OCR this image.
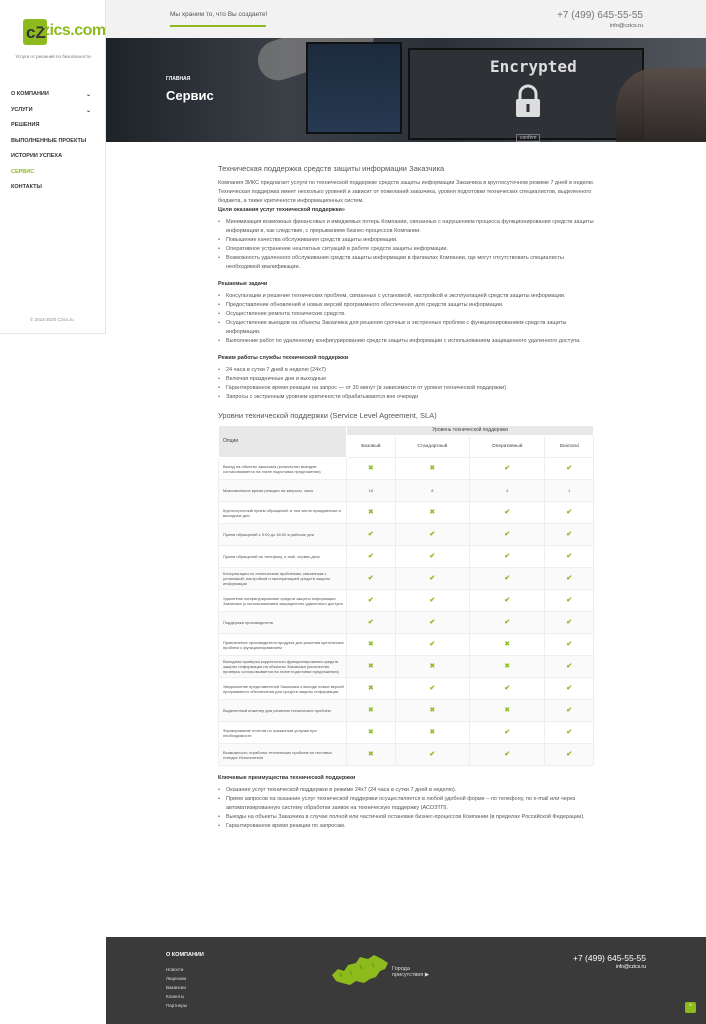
cZ
zics.com
Услуги от решений по безопасности
О КОМПАНИИ	⌄
УСЛУГИ	⌄
РЕШЕНИЯ
ВЫПОЛНЕННЫЕ ПРОЕКТЫ
ИСТОРИИ УСПЕХА
СЕРВИС
КОНТАКТЫ
© 2014-2020 Czics.ru
Мы храним то, что Вы создаете!	+7 (499) 645-55-55
info@czics.ru
Encrypted
confirm
ГЛАВНАЯ
Сервис
Техническая поддержка средств защиты информации Заказчика

Компания ЗИКС предлагает услуги по технической поддержке средств защиты информации Заказчика в круглосуточном режиме 7 дней в неделю. Техническая поддержка имеет несколько уровней и зависит от пожеланий заказчика, уровня подготовки технических специалистов, выделенного бюджета, а также критичности информационных систем.

Цели оказания услуг технической поддержки»

• Минимизация возможных финансовых и имиджевых потерь Компании, связанных с нарушением процесса функционирования средств защиты информации и, как следствие, с прерыванием бизнес-процессов Компании.
• Повышение качества обслуживания средств защиты информации.
• Оперативное устранение нештатных ситуаций в работе средств защиты информации.
• Возможность удаленного обслуживания средств защиты информации в филиалах Компании, где могут отсутствовать специалисты необходимой квалификации.

Решаемые задачи

• Консультации и решение технических проблем, связанных с установкой, настройкой и эксплуатацией средств защиты информации.
• Предоставление обновлений и новых версий программного обеспечения для средств защиты информации.
• Осуществление ремонта технических средств.
• Осуществление выездов на объекты Заказчика для решения срочных и экстренных проблем с функционированием средств защиты информации.
• Выполнение работ по удаленному конфигурированию средств защиты информации с использованием защищенного удаленного доступа.

Режим работы службы технической поддержки

• 24 часа в сутки 7 дней в неделю (24х7)
• Включая праздничные дни и выходные
• Гарантированное время реакции на запрос — от 30 минут (в зависимости от уровня технической поддержки)
• Запросы с экстренным уровнем критичности обрабатываются вне очереди
Уровни технической поддержки (Service Level Agreement, SLA)
Опции	Уровень технической поддержки			
	Базовый	Стандартный	Оперативный	Diamond
Выезд на объекты заказчика (количество выездов согласовывается на этапе подготовки предложения)	✖	✖	✔	✔
Максимальное время реакции на запросы, часы	16	8	4	1
Круглосуточный прием обращений, в том числе праздничные и выходные дни	✖	✖	✔	✔
Прием обращений с 9:00 до 18:00 в рабочие дни	✔	✔	✔	✔
Прием обращений по телефону, e-mail, сервис-деск	✔	✔	✔	✔
Консультации по техническим проблемам, связанным с установкой, настройкой и эксплуатацией средств защиты информации	✔	✔	✔	✔
Удаленное конфигурирование средств защиты информации Заказчика (с использованием защищенного удаленного доступа	✔	✔	✔	✔
Поддержка производителя	✔	✔	✔	✔
Привлечение производителя продукта для решения критических проблем с функционированием	✖	✔	✖	✔
Выездная проверка корректности функционирования средств защиты информации на объектах Заказчика (количество проверок согласовывается на этапе подготовки предложения)	✖	✖	✖	✔
Уведомление представителей Заказчика о выходе новых версий программного обеспечения для средств защиты информации	✖	✔	✔	✔
Выделенный инженер для решения технических проблем	✖	✖	✖	✔
Формирование отчетов по оказанным услугам при необходимости	✖	✖	✔	✔
Возможность отработки технических проблем на тестовых стендах Исполнителя	✖	✔	✔	✔

Ключевые преимущества технической поддержки

• Оказание услуг технической поддержки в режиме 24х7 (24 часа в сутки 7 дней в неделю).
• Прием запросов на оказание услуг технической поддержки осуществляется в любой удобной форме – по телефону, по e-mail или через автоматизированную систему обработки заявок на техническую поддержку (АСОЗТП).
• Выезды на объекты Заказчика в случае полной или частичной остановки бизнес-процессов Компании (в пределах Российской Федерации).
• Гарантированное время реакции по запросам.
О КОМПАНИИ
Новости
Лицензии
Вакансии
Клиенты
Партнеры
Города присутствия ▶
+7 (499) 645-55-55
info@czics.ru
^
